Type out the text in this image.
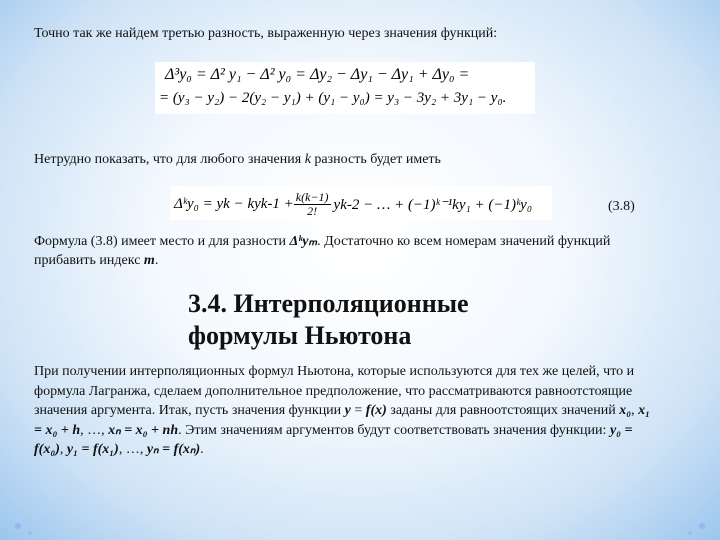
Точно так же найдем третью разность, выраженную через значения функций:

Δ³y₀ = Δ² y₁ − Δ² y₀ = Δy₂ − Δy₁ − Δy₁ + Δy₀ =
= (y₃ − y₂) − 2(y₂ − y₁) + (y₁ − y₀) = y₃ − 3y₂ + 3y₁ − y₀.

Нетрудно показать, что для любого значения k разность будет иметь

Δᵏy₀ = yk − $kyk-1 + \frac{k(k-1)}{2!} yk-2$ − … + (−1)ᵏ⁻¹ky₁ + (−1)ᵏy₀	(3.8)

Формула (3.8) имеет место и для разности Δᵏyₘ. Достаточно ко всем номерам значений функций прибавить индекс m.

3.4. Интерполяционные
формулы Ньютона

При получении интерполяционных формул Ньютона, которые используются для тех же целей, что и формула Лагранжа, сделаем дополнительное предположение, что рассматриваются равноотстоящие значения аргумента. Итак, пусть значения функции y = f(x) заданы для равноотстоящих значений x₀, x₁ = x₀ + h, …, xₙ = x₀ + nh. Этим значениям аргументов будут соответствовать значения функции: y₀ = f(x₀), y₁ = f(x₁), …, yₙ = f(xₙ).
